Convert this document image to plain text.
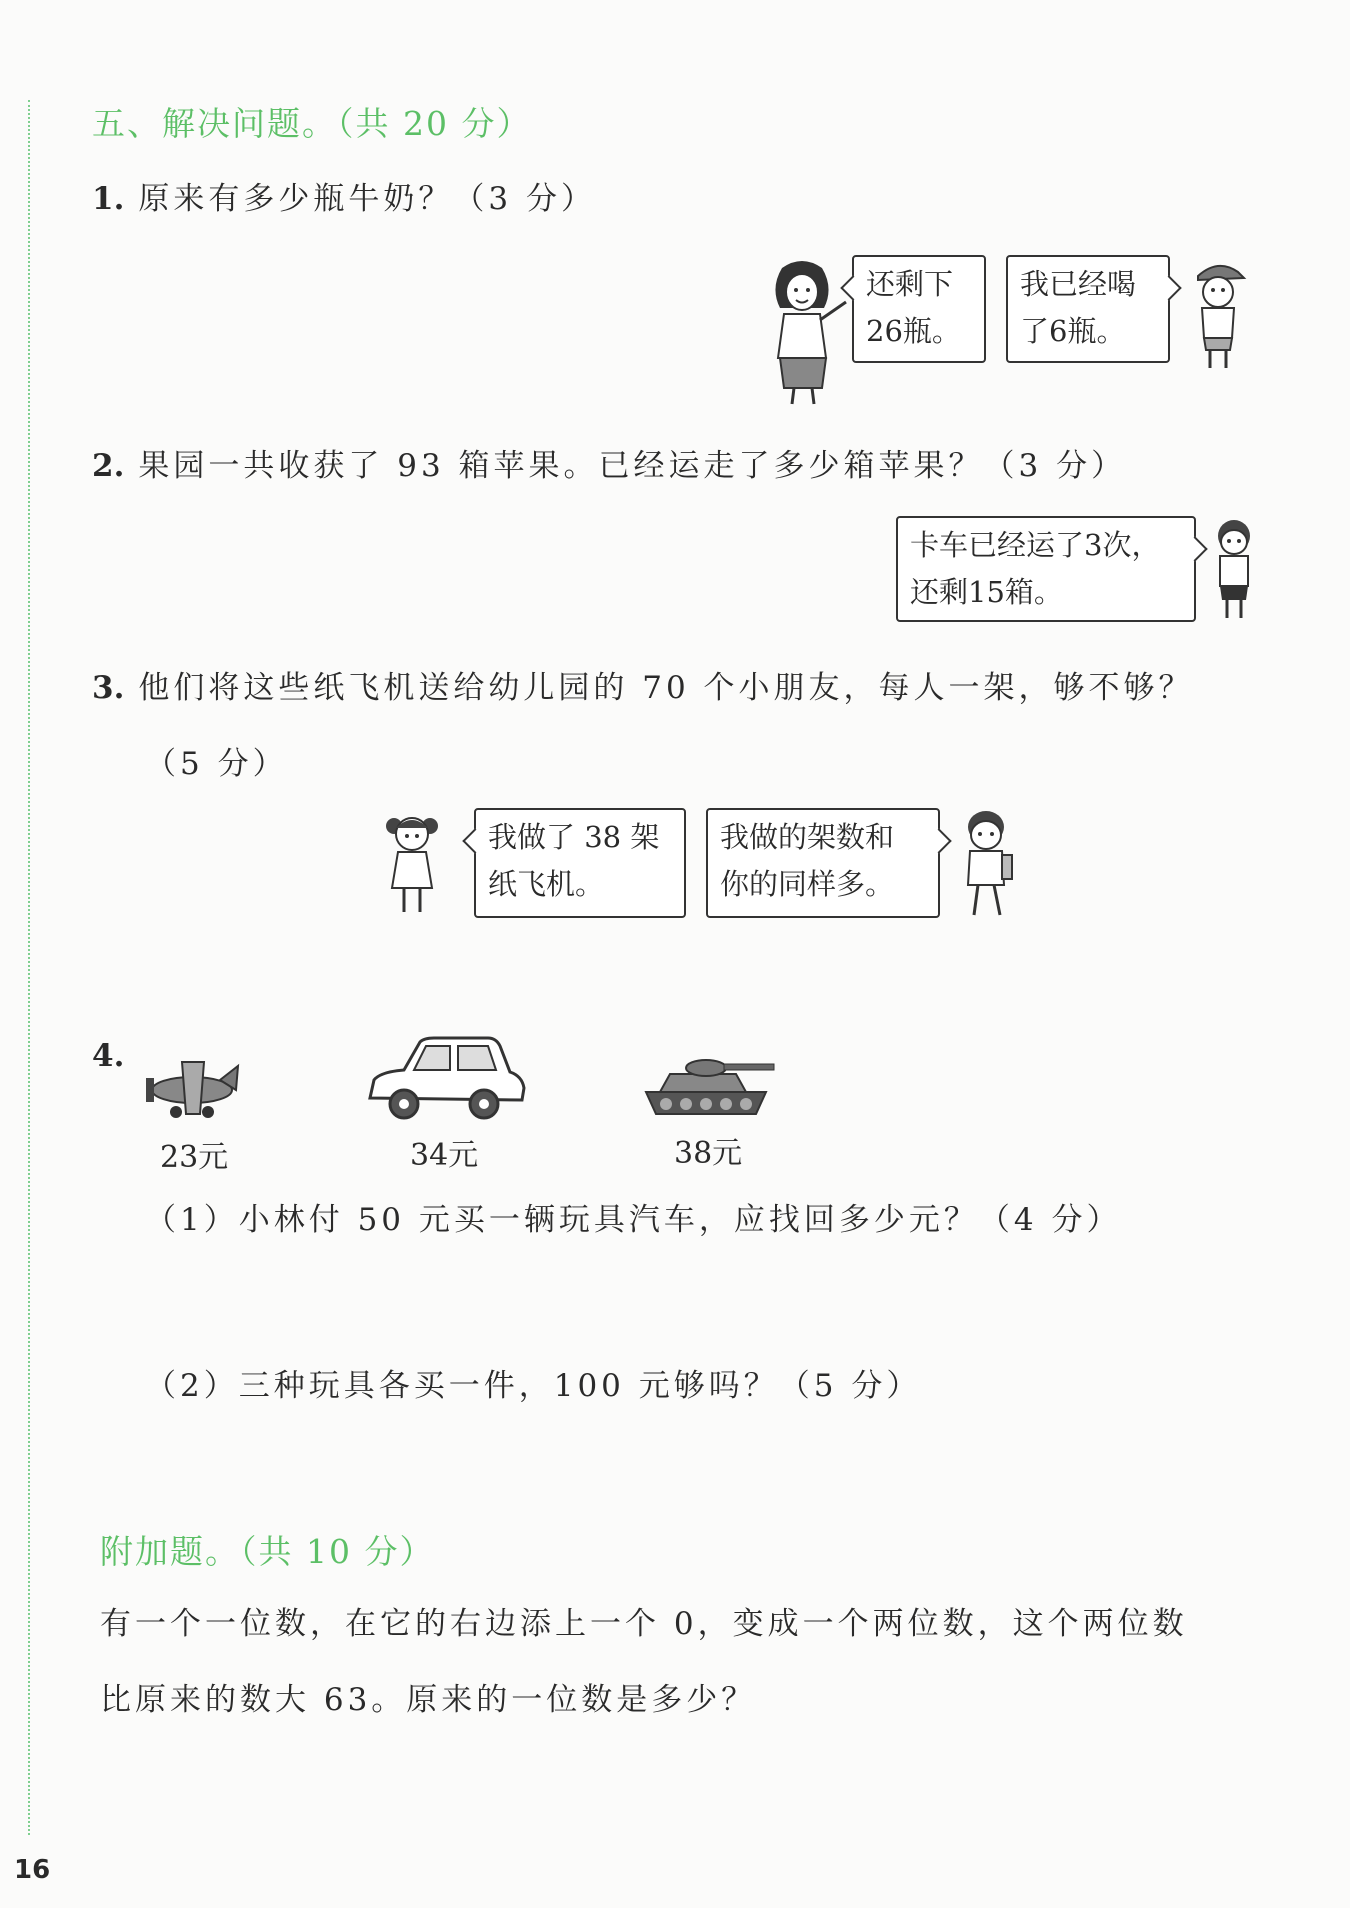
五、解决问题。（共 20 分）
1. 原来有多少瓶牛奶？（3 分）
还剩下
26瓶。
我已经喝
了6瓶。
2. 果园一共收获了 93 箱苹果。已经运走了多少箱苹果？（3 分）
卡车已经运了3次，
还剩15箱。
3. 他们将这些纸飞机送给幼儿园的 70 个小朋友，每人一架，够不够？
（5 分）
我做了 38 架
纸飞机。
我做的架数和
你的同样多。
4.
23元	34元	38元
（1）小林付 50 元买一辆玩具汽车，应找回多少元？（4 分）
（2）三种玩具各买一件，100 元够吗？（5 分）
附加题。（共 10 分）
有一个一位数，在它的右边添上一个 0，变成一个两位数，这个两位数
比原来的数大 63。原来的一位数是多少？
16
